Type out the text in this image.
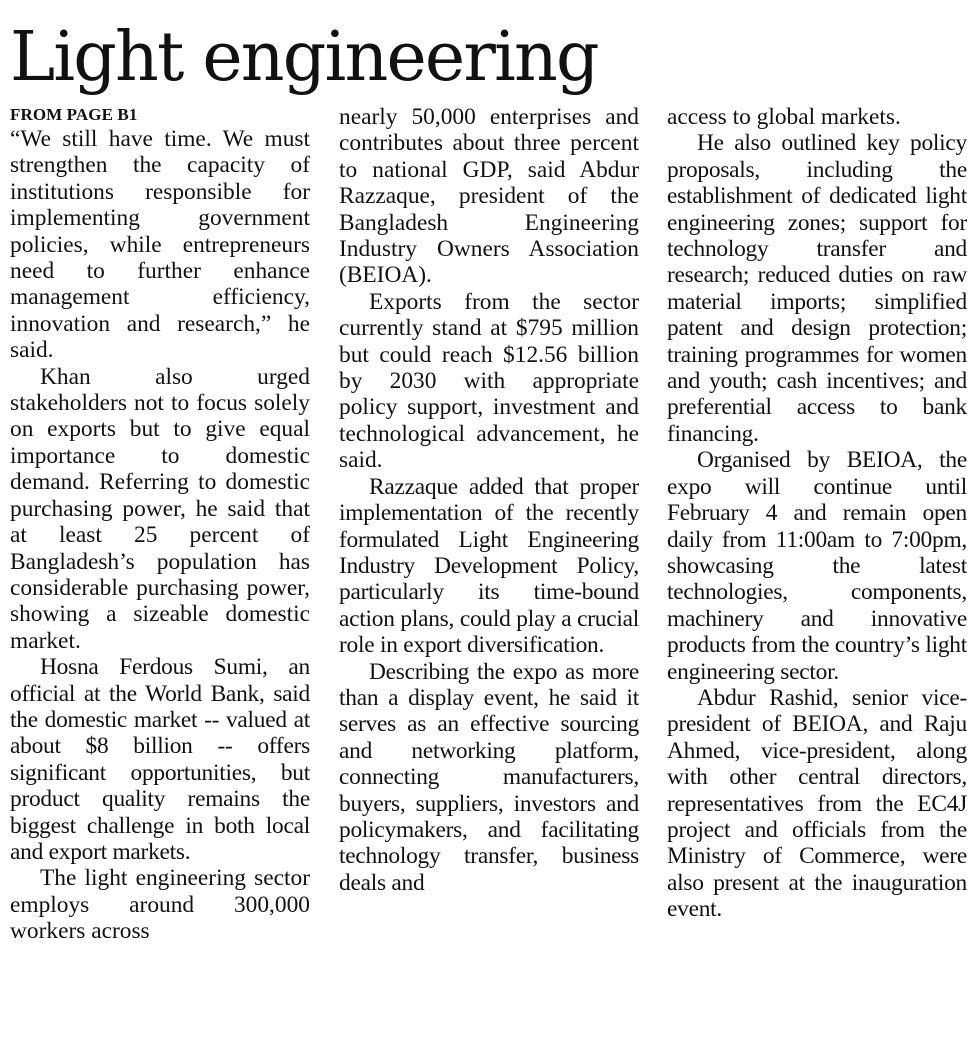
Light engineering
FROM PAGE B1

“We still have time. We must strengthen the capacity of institutions responsible for implementing government policies, while entrepreneurs need to further enhance management efficiency, innovation and research,” he said.

Khan also urged stakeholders not to focus solely on exports but to give equal importance to domestic demand. Referring to domestic purchasing power, he said that at least 25 percent of Bangladesh’s population has considerable purchasing power, showing a sizeable domestic market.

Hosna Ferdous Sumi, an official at the World Bank, said the domestic market -- valued at about $8 billion -- offers significant opportunities, but product quality remains the biggest challenge in both local and export markets.

The light engineering sector employs around 300,000 workers across

nearly 50,000 enterprises and contributes about three percent to national GDP, said Abdur Razzaque, president of the Bangladesh Engineering Industry Owners Association (BEIOA).

Exports from the sector currently stand at $795 million but could reach $12.56 billion by 2030 with appropriate policy support, investment and technological advancement, he said.

Razzaque added that proper implementation of the recently formulated Light Engineering Industry Development Policy, particularly its time-bound action plans, could play a crucial role in export diversification.

Describing the expo as more than a display event, he said it serves as an effective sourcing and networking platform, connecting manufacturers, buyers, suppliers, investors and policymakers, and facilitating technology transfer, business deals and

access to global markets.

He also outlined key policy proposals, including the establishment of dedicated light engineering zones; support for technology transfer and research; reduced duties on raw material imports; simplified patent and design protection; training programmes for women and youth; cash incentives; and preferential access to bank financing.

Organised by BEIOA, the expo will continue until February 4 and remain open daily from 11:00am to 7:00pm, showcasing the latest technologies, components, machinery and innovative products from the country’s light engineering sector.

Abdur Rashid, senior vice-president of BEIOA, and Raju Ahmed, vice-president, along with other central directors, representatives from the EC4J project and officials from the Ministry of Commerce, were also present at the inauguration event.
